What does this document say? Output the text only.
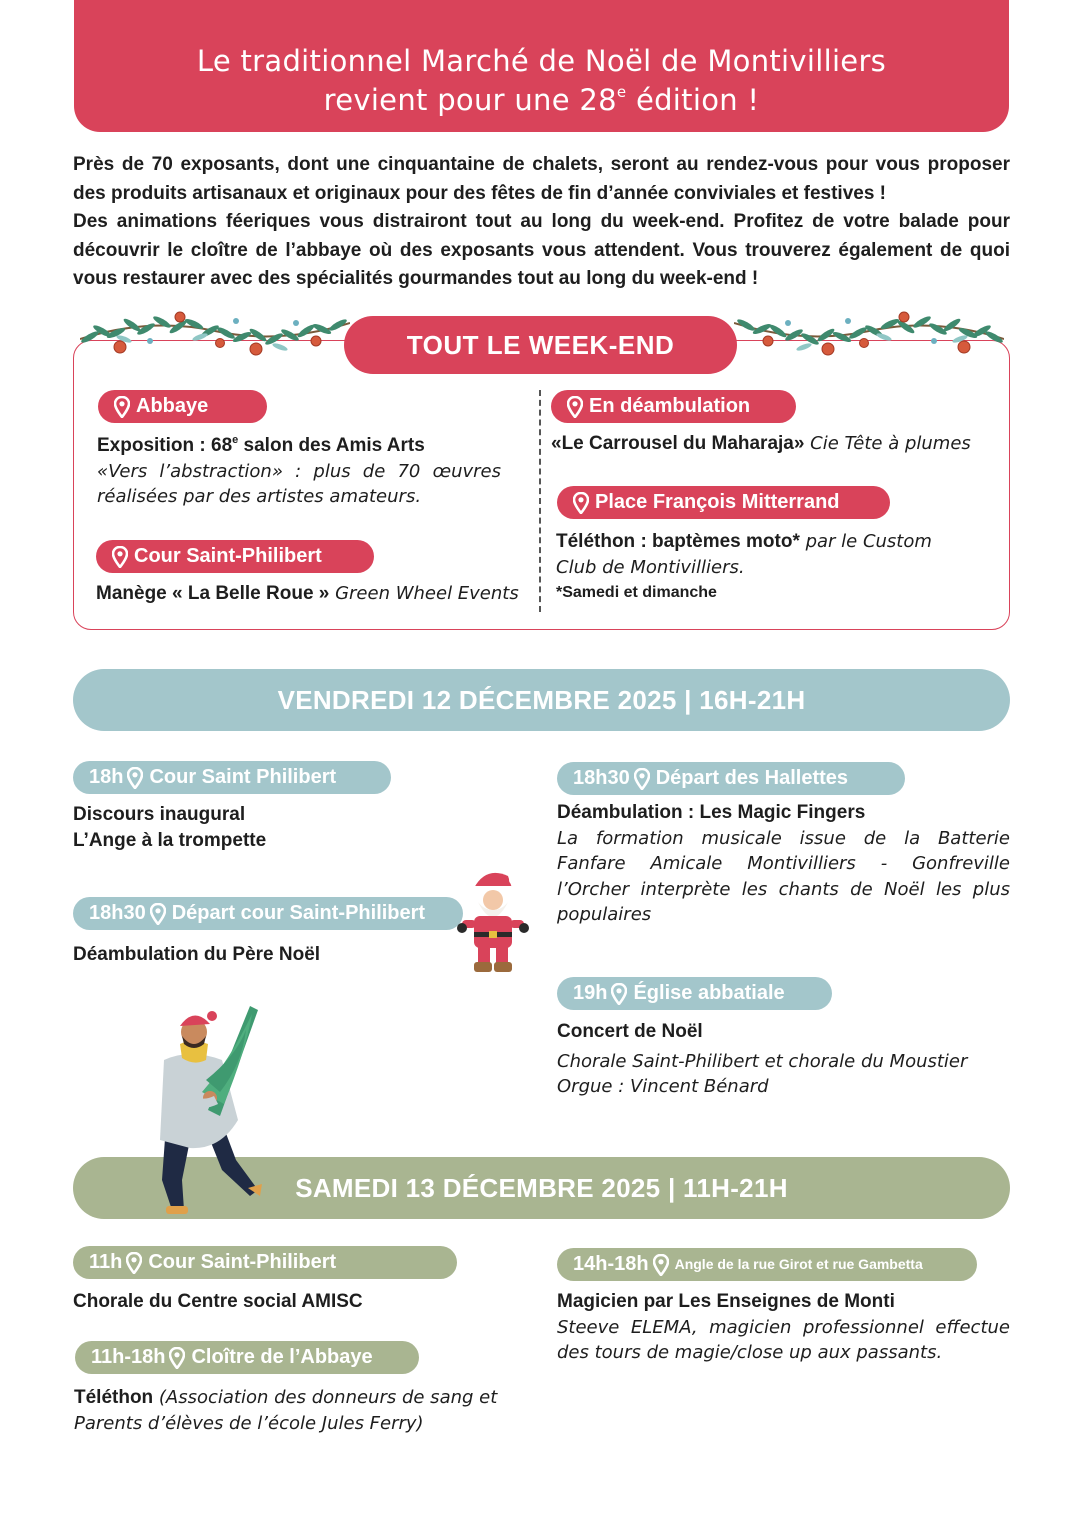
Le traditionnel Marché de Noël de Montivilliers
revient pour une 28e édition !

Près de 70 exposants, dont une cinquantaine de chalets, seront au rendez-vous pour vous proposer des produits artisanaux et originaux pour des fêtes de fin d’année conviviales et festives !

Des animations féeriques vous distrairont tout au long du week-end. Profitez de votre balade pour découvrir le cloître de l’abbaye où des exposants vous attendent. Vous trouverez également de quoi vous restaurer avec des spécialités gourmandes tout au long du week-end !

TOUT LE WEEK-END
Abbaye
Exposition : 68e salon des Amis Arts
«Vers l’abstraction» : plus de 70 œuvres réalisées par des artistes amateurs.
Cour Saint-Philibert
Manège « La Belle Roue » Green Wheel Events
En déambulation
«Le Carrousel du Maharaja» Cie Tête à plumes
Place François Mitterrand
Téléthon : baptèmes moto* par le Custom
Club de Montivilliers.
*Samedi et dimanche
VENDREDI 12 DÉCEMBRE 2025 | 16H-21H
18h Cour Saint Philibert
Discours inaugural
L’Ange à la trompette
18h30 Départ cour Saint-Philibert
Déambulation du Père Noël
18h30 Départ des Hallettes
Déambulation : Les Magic Fingers
La formation musicale issue de la Batterie
Fanfare Amicale Montivilliers - Gonfreville
l’Orcher interprète les chants de Noël les plus
populaires
19h Église abbatiale
Concert de Noël
Chorale Saint-Philibert et chorale du Moustier
Orgue : Vincent Bénard
SAMEDI 13 DÉCEMBRE 2025 | 11H-21H
11h Cour Saint-Philibert
Chorale du Centre social AMISC
11h-18h Cloître de l’Abbaye
Téléthon (Association des donneurs de sang et
Parents d’élèves de l’école Jules Ferry)
14h-18h Angle de la rue Girot et rue Gambetta
Magicien par Les Enseignes de Monti
Steeve ELEMA, magicien professionnel effectue
des tours de magie/close up aux passants.
